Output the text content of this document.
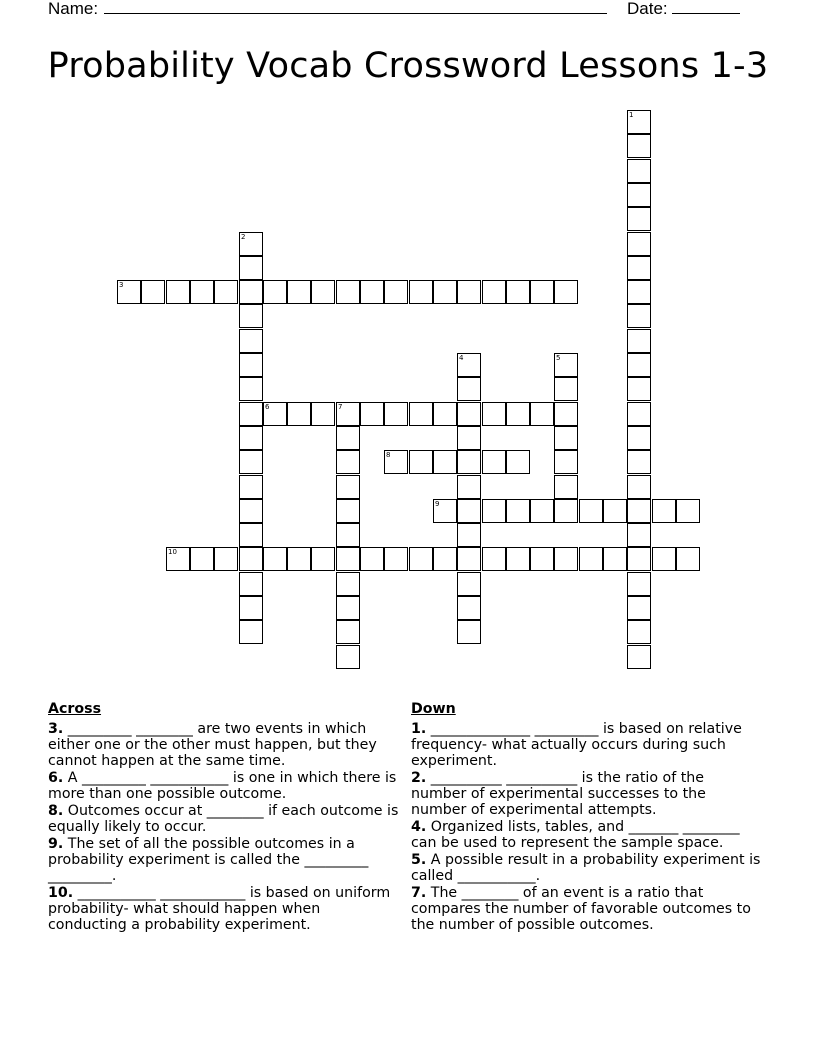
Name:

	Date:

Probability Vocab Crossword Lessons 1-3
1
2
3
4	5
6	7
8
9
10
Across
3. _________ ________ are two events in which either one or the other must happen, but they cannot happen at the same time.
6. A _________ ___________ is one in which there is more than one possible outcome.
8. Outcomes occur at ________ if each outcome is equally likely to occur.
9. The set of all the possible outcomes in a probability experiment is called the _________ _________.
10. ___________ ____________ is based on uniform probability- what should happen when conducting a probability experiment.
Down
1. ______________ _________ is based on relative frequency- what actually occurs during such experiment.
2. __________ __________ is the ratio of the number of experimental successes to the number of experimental attempts.
4. Organized lists, tables, and _______ ________ can be used to represent the sample space.
5. A possible result in a probability experiment is called ___________.
7. The ________ of an event is a ratio that compares the number of favorable outcomes to the number of possible outcomes.
